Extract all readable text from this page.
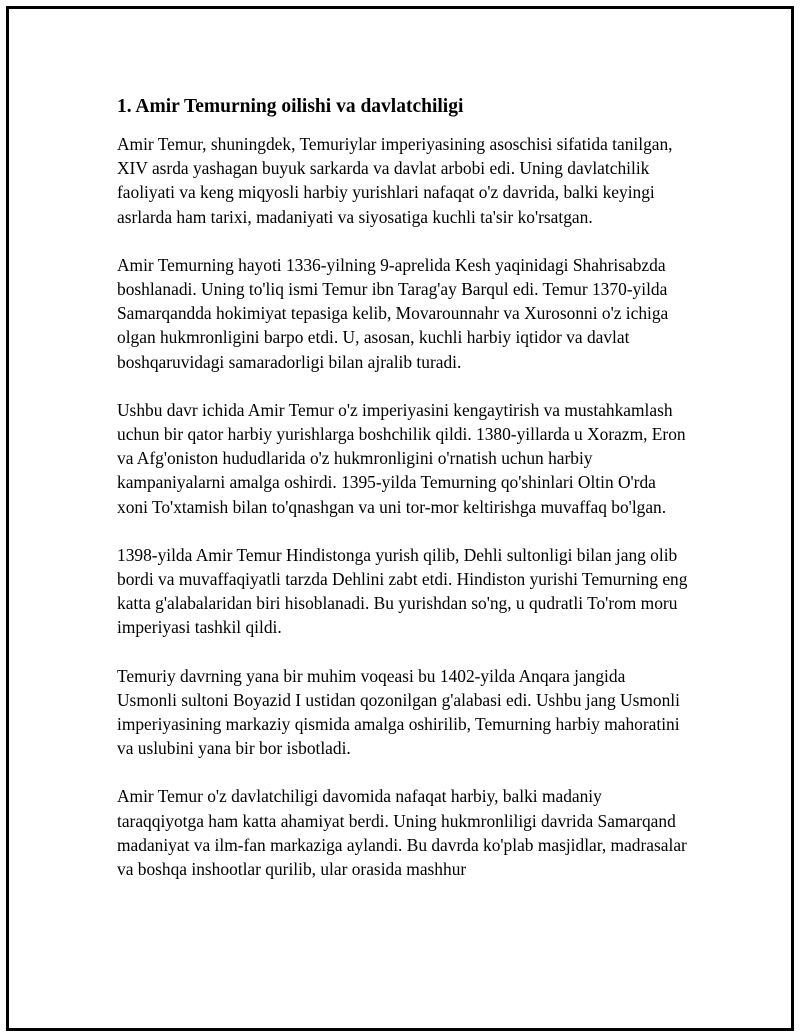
1. Amir Temurning oilishi va davlatchiligi

Amir Temur, shuningdek, Temuriylar imperiyasining asoschisi sifatida tanilgan, XIV asrda yashagan buyuk sarkarda va davlat arbobi edi. Uning davlatchilik faoliyati va keng miqyosli harbiy yurishlari nafaqat o'z davrida, balki keyingi asrlarda ham tarixi, madaniyati va siyosatiga kuchli ta'sir ko'rsatgan.

Amir Temurning hayoti 1336-yilning 9-aprelida Kesh yaqinidagi Shahrisabzda boshlanadi. Uning to'liq ismi Temur ibn Tarag'ay Barqul edi. Temur 1370-yilda Samarqandda hokimiyat tepasiga kelib, Movarounnahr va Xurosonni o'z ichiga olgan hukmronligini barpo etdi. U, asosan, kuchli harbiy iqtidor va davlat boshqaruvidagi samaradorligi bilan ajralib turadi.

Ushbu davr ichida Amir Temur o'z imperiyasini kengaytirish va mustahkamlash uchun bir qator harbiy yurishlarga boshchilik qildi. 1380-yillarda u Xorazm, Eron va Afg'oniston hududlarida o'z hukmronligini o'rnatish uchun harbiy kampaniyalarni amalga oshirdi. 1395-yilda Temurning qo'shinlari Oltin O'rda xoni To'xtamish bilan to'qnashgan va uni tor-mor keltirishga muvaffaq bo'lgan.

1398-yilda Amir Temur Hindistonga yurish qilib, Dehli sultonligi bilan jang olib bordi va muvaffaqiyatli tarzda Dehlini zabt etdi. Hindiston yurishi Temurning eng katta g'alabalaridan biri hisoblanadi. Bu yurishdan so'ng, u qudratli To'rom moru imperiyasi tashkil qildi.

Temuriy davrning yana bir muhim voqeasi bu 1402-yilda Anqara jangida Usmonli sultoni Boyazid I ustidan qozonilgan g'alabasi edi. Ushbu jang Usmonli imperiyasining markaziy qismida amalga oshirilib, Temurning harbiy mahoratini va uslubini yana bir bor isbotladi.

Amir Temur o'z davlatchiligi davomida nafaqat harbiy, balki madaniy taraqqiyotga ham katta ahamiyat berdi. Uning hukmronliligi davrida Samarqand madaniyat va ilm-fan markaziga aylandi. Bu davrda ko'plab masjidlar, madrasalar va boshqa inshootlar qurilib, ular orasida mashhur
